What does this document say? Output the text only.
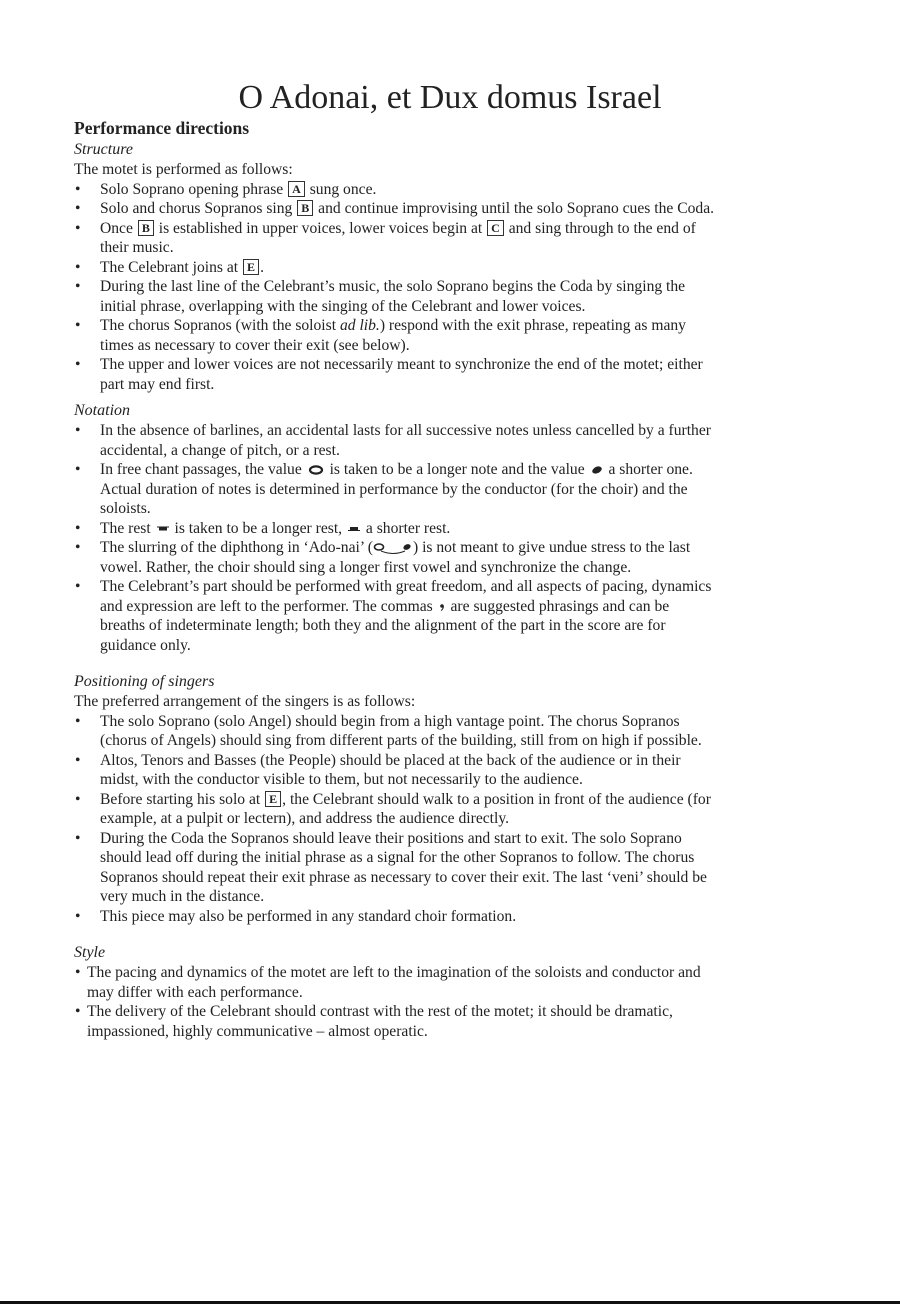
O Adonai, et Dux domus Israel
Performance directions
Structure

The motet is performed as follows:

• Solo Soprano opening phrase A sung once.
• Solo and chorus Sopranos sing B and continue improvising until the solo Soprano cues the Coda.
• Once B is established in upper voices, lower voices begin at C and sing through to the end of their music.
• The Celebrant joins at E .
• During the last line of the Celebrant’s music, the solo Soprano begins the Coda by singing the initial phrase, overlapping with the singing of the Celebrant and lower voices.
• The chorus Sopranos (with the soloist ad lib.) respond with the exit phrase, repeating as many times as necessary to cover their exit (see below).
• The upper and lower voices are not necessarily meant to synchronize the end of the motet; either part may end first.
Notation
• In the absence of barlines, an accidental lasts for all successive notes unless cancelled by a further accidental, a change of pitch, or a rest.
• In free chant passages, the value is taken to be a longer note and the value a shorter one. Actual duration of notes is determined in performance by the conductor (for the choir) and the soloists.
• The rest is taken to be a longer rest, a shorter rest.
• The slurring of the diphthong in ‘Ado-nai’ (	) is not meant to give undue stress to the last vowel. Rather, the choir should sing a longer first vowel and synchronize the change.
• The Celebrant’s part should be performed with great freedom, and all aspects of pacing, dynamics and expression are left to the performer. The commas are suggested phrasings and can be breaths of indeterminate length; both they and the alignment of the part in the score are for guidance only.
Positioning of singers

The preferred arrangement of the singers is as follows:

• The solo Soprano (solo Angel) should begin from a high vantage point. The chorus Sopranos (chorus of Angels) should sing from different parts of the building, still from on high if possible.
• Altos, Tenors and Basses (the People) should be placed at the back of the audience or in their midst, with the conductor visible to them, but not necessarily to the audience.
• Before starting his solo at E , the Celebrant should walk to a position in front of the audience (for example, at a pulpit or lectern), and address the audience directly.
• During the Coda the Sopranos should leave their positions and start to exit. The solo Soprano should lead off during the initial phrase as a signal for the other Sopranos to follow. The chorus Sopranos should repeat their exit phrase as necessary to cover their exit. The last ‘veni’ should be very much in the distance.
• This piece may also be performed in any standard choir formation.
Style
• The pacing and dynamics of the motet are left to the imagination of the soloists and conductor and may differ with each performance.
• The delivery of the Celebrant should contrast with the rest of the motet; it should be dramatic, impassioned, highly communicative – almost operatic.
